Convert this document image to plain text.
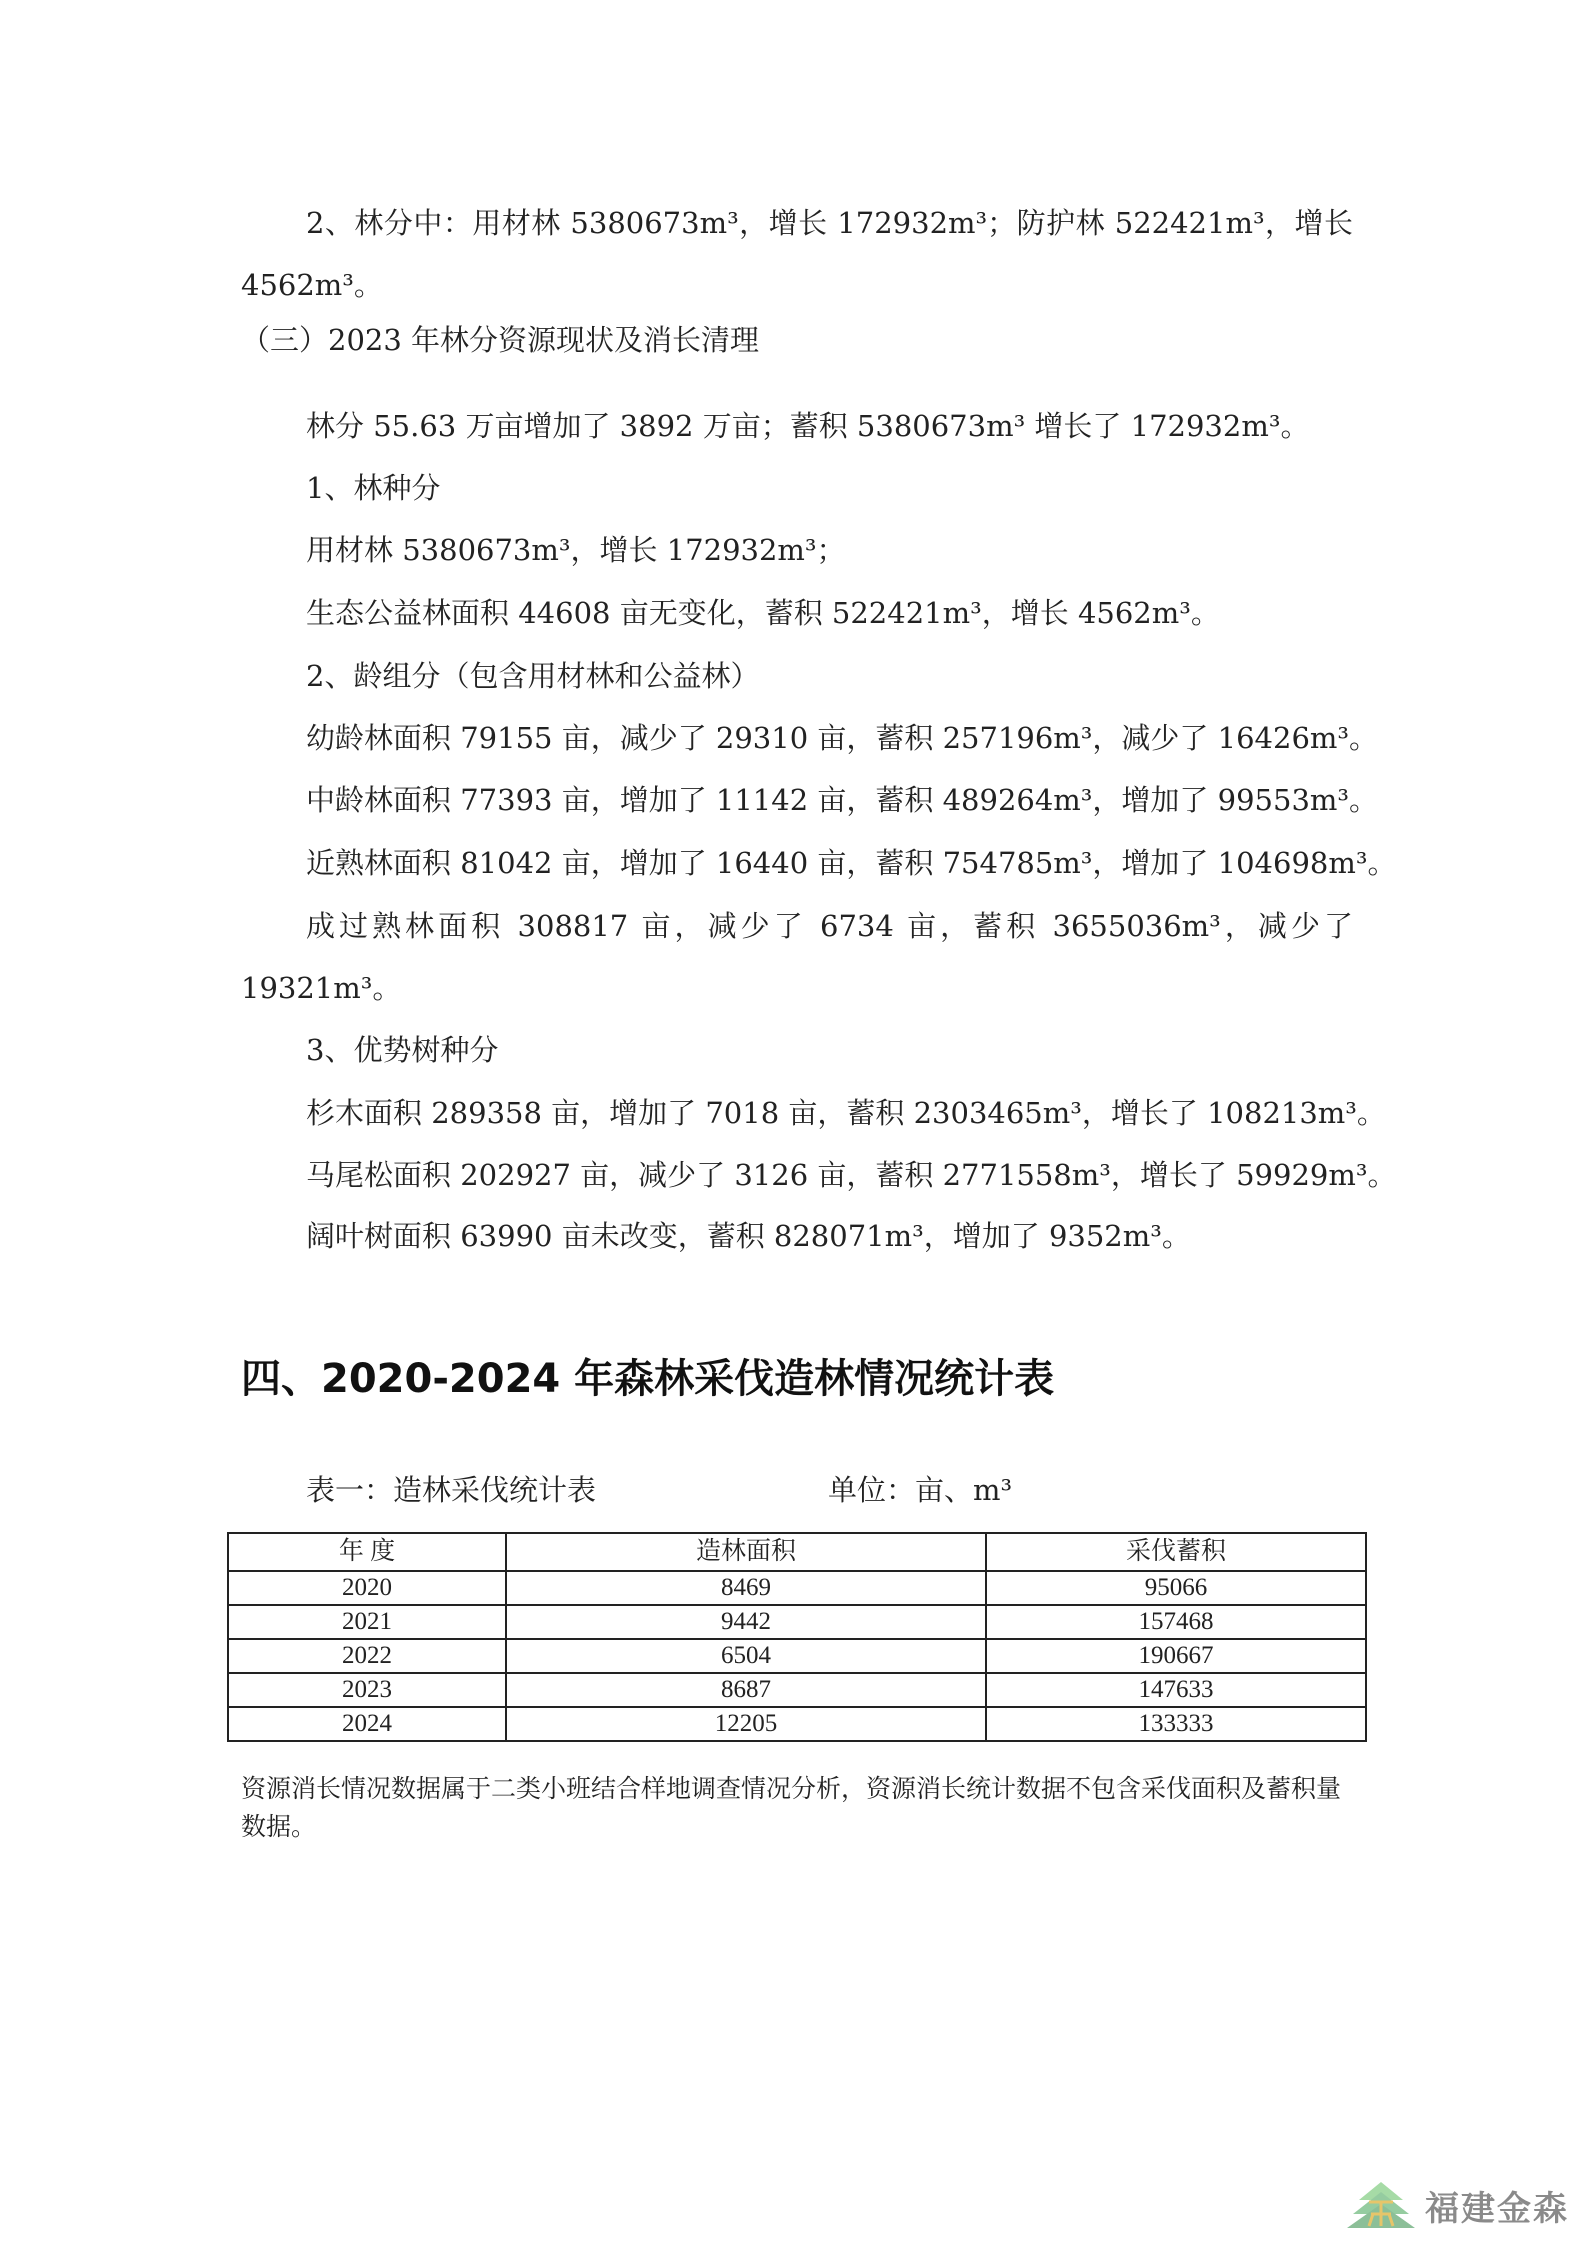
2、林分中：用材林 5380673m³，增长 172932m³；防护林 522421m³，增长 4562m³。
（三）2023 年林分资源现状及消长清理
林分 55.63 万亩增加了 3892 万亩；蓄积 5380673m³ 增长了 172932m³。
1、林种分
用材林 5380673m³，增长 172932m³；
生态公益林面积 44608 亩无变化，蓄积 522421m³，增长 4562m³。
2、龄组分（包含用材林和公益林）
幼龄林面积 79155 亩，减少了 29310 亩，蓄积 257196m³，减少了 16426m³。
中龄林面积 77393 亩，增加了 11142 亩，蓄积 489264m³，增加了 99553m³。
近熟林面积 81042 亩，增加了 16440 亩，蓄积 754785m³，增加了 104698m³。
成过熟林面积 308817 亩，减少了 6734 亩，蓄积 3655036m³，减少了 19321m³。
3、优势树种分
杉木面积 289358 亩，增加了 7018 亩，蓄积 2303465m³，增长了 108213m³。
马尾松面积 202927 亩，减少了 3126 亩，蓄积 2771558m³，增长了 59929m³。
阔叶树面积 63990 亩未改变，蓄积 828071m³，增加了 9352m³。
四、2020-2024 年森林采伐造林情况统计表
表一：造林采伐统计表	单位：亩、m³
年 度	造林面积	采伐蓄积
2020	8469	95066
2021	9442	157468
2022	6504	190667
2023	8687	147633
2024	12205	133333
资源消长情况数据属于二类小班结合样地调查情况分析，资源消长统计数据不包含采伐面积及蓄积量数据。
福建金森
